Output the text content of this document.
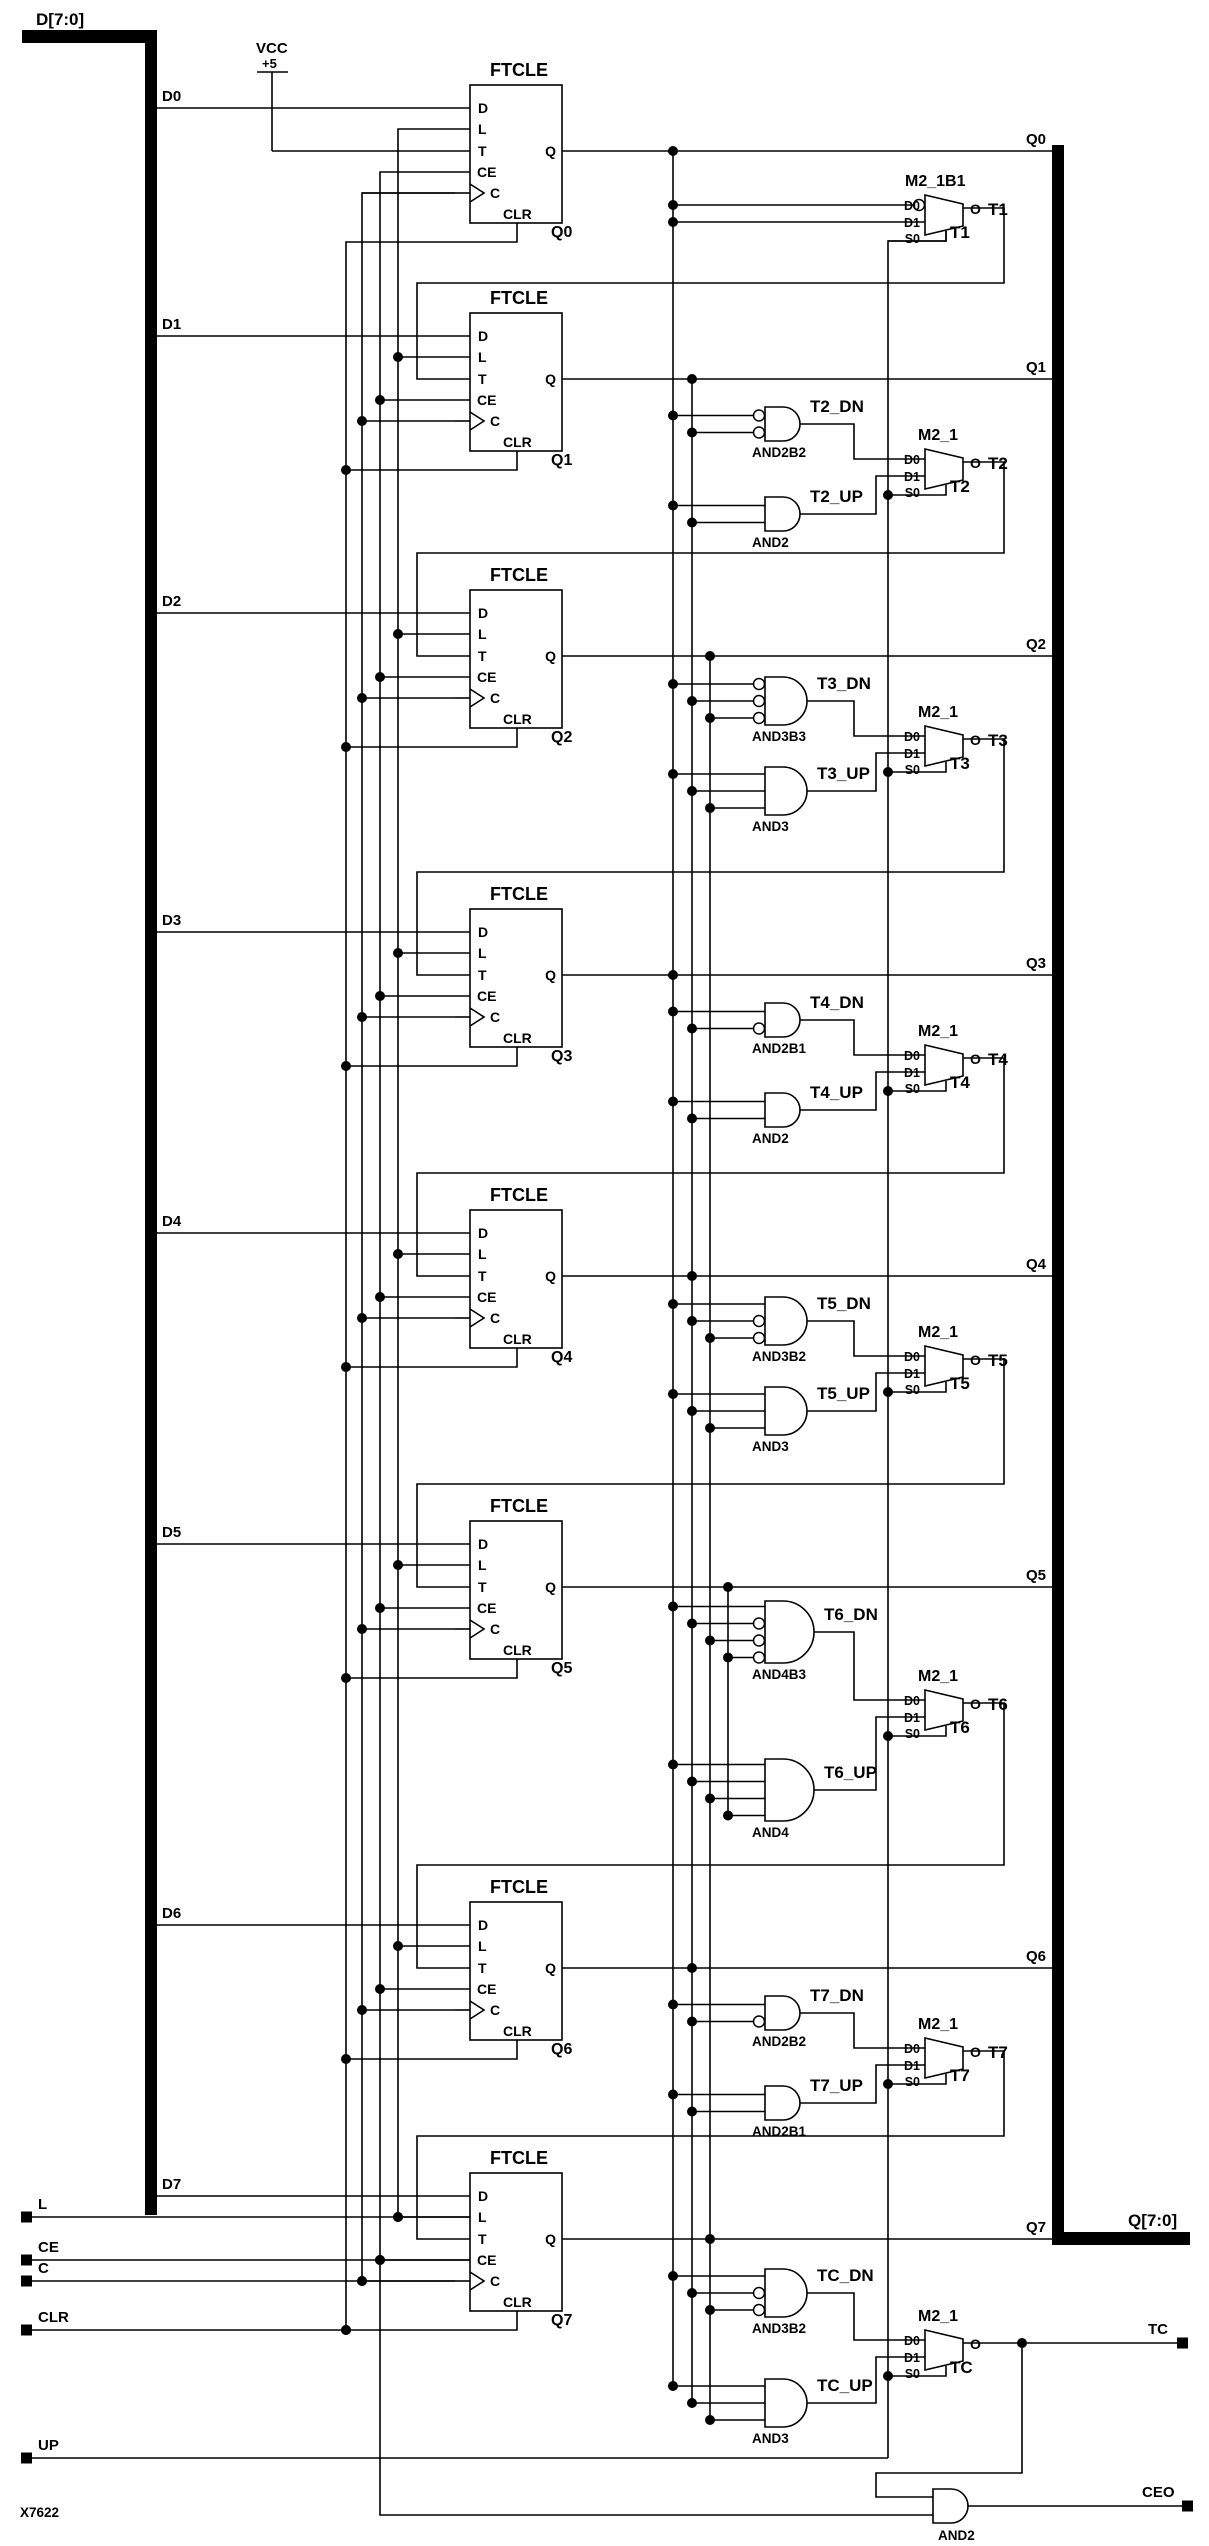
D[7:0]
Q[7:0]
VCC
+5	FTCLE
D
L
T
CE
C
CLR
Q
Q0
D0
Q0
FTCLE
D
L
T
CE
C
CLR
Q
Q1
D1
Q1
FTCLE
D
L
T
CE
C
CLR
Q
Q2
D2
Q2
FTCLE
D
L
T
CE
C
CLR
Q
Q3
D3
Q3
FTCLE
D
L
T
CE
C
CLR
Q
Q4
D4
Q4
FTCLE
D
L
T
CE
C
CLR
Q
Q5
D5
Q5
FTCLE
D
L
T
CE
C
CLR
Q
Q6
D6
Q6
FTCLE
D
L
T
CE
C
CLR
Q
Q7
D7
Q7
M2_1B1
D0
D1
S0
O T1
T1
T2_DN
AND2B2
T2_UP
AND2
M2_1
D0
D1
S0
O T2
T2
T3_DN
AND3B3
T3_UP
AND3
M2_1
D0
D1
S0
O T3
T3
T4_DN
AND2B1
T4_UP
AND2
M2_1
D0
D1
S0
O T4
T4
T5_DN
AND3B2
T5_UP
AND3
M2_1
D0
D1
S0
O T5
T5
T6_DN
AND4B3
T6_UP
AND4
M2_1
D0
D1
S0
O T6
T6
T7_DN
AND2B2
T7_UP
AND2B1
M2_1
D0
D1
S0
O T7
T7
TC_DN
AND3B2
TC_UP
AND3
M2_1
D0
D1
S0
O
TC
TC
AND2
CEO
L
CE
C
CLR
UP
X7622
